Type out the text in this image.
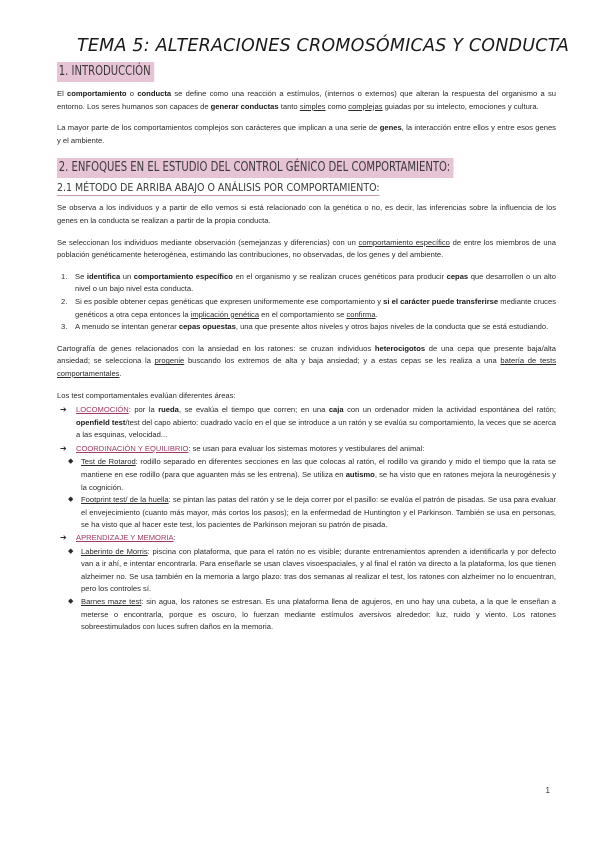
TEMA 5: ALTERACIONES CROMOSÓMICAS Y CONDUCTA
1. INTRODUCCIÓN

El comportamiento o conducta se define como una reacción a estímulos, (internos o externos) que alteran la respuesta del organismo a su entorno. Los seres humanos son capaces de generar conductas tanto simples como complejas guiadas por su intelecto, emociones y cultura.

La mayor parte de los comportamientos complejos son carácteres que implican a una serie de genes, la interacción entre ellos y entre esos genes y el ambiente.

2. ENFOQUES EN EL ESTUDIO DEL CONTROL GÉNICO DEL COMPORTAMIENTO:
2.1 MÉTODO DE ARRIBA ABAJO O ANÁLISIS POR COMPORTAMIENTO:

Se observa a los individuos y a partir de ello vemos si está relacionado con la genética o no, es decir, las inferencias sobre la influencia de los genes en la conducta se realizan a partir de la propia conducta.

Se seleccionan los individuos mediante observación (semejanzas y diferencias) con un comportamiento específico de entre los miembros de una población genéticamente heterogénea, estimando las contribuciones, no observadas, de los genes y del ambiente.

1. Se identifica un comportamiento específico en el organismo y se realizan cruces genéticos para producir cepas que desarrollen o un alto nivel o un bajo nivel esta conducta.
2. Si es posible obtener cepas genéticas que expresen uniformemente ese comportamiento y si el carácter puede transferirse mediante cruces genéticos a otra cepa entonces la implicación genética en el comportamiento se confirma.
3. A menudo se intentan generar cepas opuestas, una que presente altos niveles y otros bajos niveles de la conducta que se está estudiando.

Cartografía de genes relacionados con la ansiedad en los ratones: se cruzan individuos heterocigotos de una cepa que presente baja/alta ansiedad; se selecciona la progenie buscando los extremos de alta y baja ansiedad; y a estas cepas se les realiza a una batería de tests comportamentales.

Los test comportamentales evalúan diferentes áreas:

➔ LOCOMOCIÓN: por la rueda, se evalúa el tiempo que corren; en una caja con un ordenador miden la actividad espontánea del ratón; openfield test/test del capo abierto: cuadrado vacío en el que se introduce a un ratón y se evalúa su comportamiento, la veces que se acerca a las esquinas, velocidad...
➔ COORDINACIÓN Y EQUILIBRIO: se usan para evaluar los sistemas motores y vestibulares del animal:
◆ Test de Rotarod: rodillo separado en diferentes secciones en las que colocas al ratón, el rodillo va girando y mido el tiempo que la rata se mantiene en ese rodillo (para que aguanten más se les entrena). Se utiliza en autismo, se ha visto que en ratones mejora la neurogénesis y la cognición.
◆ Footprint test/ de la huella: se pintan las patas del ratón y se le deja correr por el pasillo: se evalúa el patrón de pisadas. Se usa para evaluar el envejecimiento (cuanto más mayor, más cortos los pasos); en la enfermedad de Huntington y el Parkinson. También se usa en personas, se ha visto que al hacer este test, los pacientes de Parkinson mejoran su patrón de pisada.
➔ APRENDIZAJE Y MEMORIA:
◆ Laberinto de Morris: piscina con plataforma, que para el ratón no es visible; durante entrenamientos aprenden a identificarla y por defecto van a ir ahí, e intentar encontrarla. Para enseñarle se usan claves visoespaciales, y al final el ratón va directo a la plataforma, los que tienen alzheimer no. Se usa también en la memoria a largo plazo: tras dos semanas al realizar el test, los ratones con alzheimer no lo encuentran, pero los controles sí.
◆ Barnes maze test: sin agua, los ratones se estresan. Es una plataforma llena de agujeros, en uno hay una cubeta, a la que le enseñan a meterse o encontrarla, porque es oscuro, lo fuerzan mediante estímulos aversivos alrededor: luz, ruido y viento. Los ratones sobreestimulados con luces sufren daños en la memoria.
1
